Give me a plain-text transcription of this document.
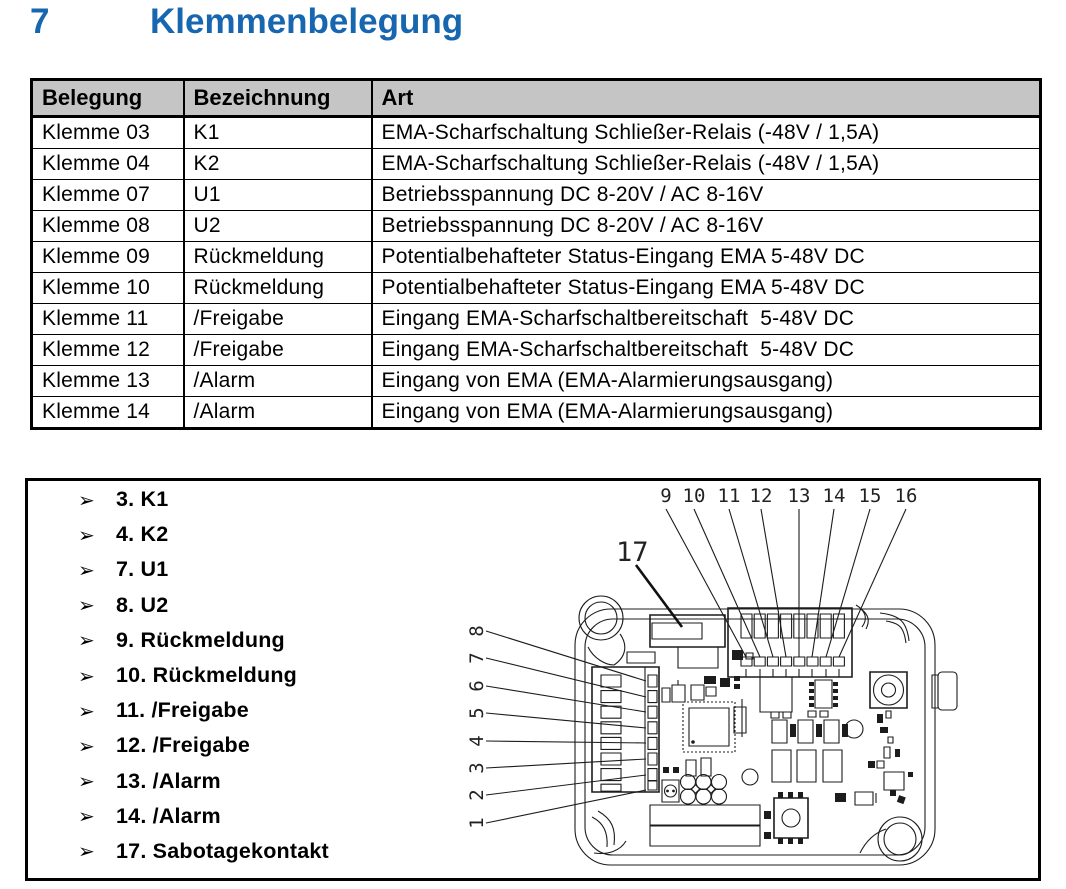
7	Klemmenbelegung
Belegung	Bezeichnung	Art
Klemme 03	K1	EMA-Scharfschaltung Schließer-Relais (-48V / 1,5A)
Klemme 04	K2	EMA-Scharfschaltung Schließer-Relais (-48V / 1,5A)
Klemme 07	U1	Betriebsspannung DC 8-20V / AC 8-16V
Klemme 08	U2	Betriebsspannung DC 8-20V / AC 8-16V
Klemme 09	Rückmeldung	Potentialbehafteter Status-Eingang EMA 5-48V DC
Klemme 10	Rückmeldung	Potentialbehafteter Status-Eingang EMA 5-48V DC
Klemme 11	/Freigabe	Eingang EMA-Scharfschaltbereitschaft  5-48V DC
Klemme 12	/Freigabe	Eingang EMA-Scharfschaltbereitschaft  5-48V DC
Klemme 13	/Alarm	Eingang von EMA (EMA-Alarmierungsausgang)
Klemme 14	/Alarm	Eingang von EMA (EMA-Alarmierungsausgang)
➢ 3. K1
➢ 4. K2
➢ 7. U1
➢ 8. U2
➢ 9. Rückmeldung
➢ 10. Rückmeldung
➢ 11. /Freigabe
➢ 12. /Freigabe
➢ 13. /Alarm
➢ 14. /Alarm
➢ 17. Sabotagekontakt
17
9 10 11 12 13 14 15 16
8
7
6
5
4
3
2
1
